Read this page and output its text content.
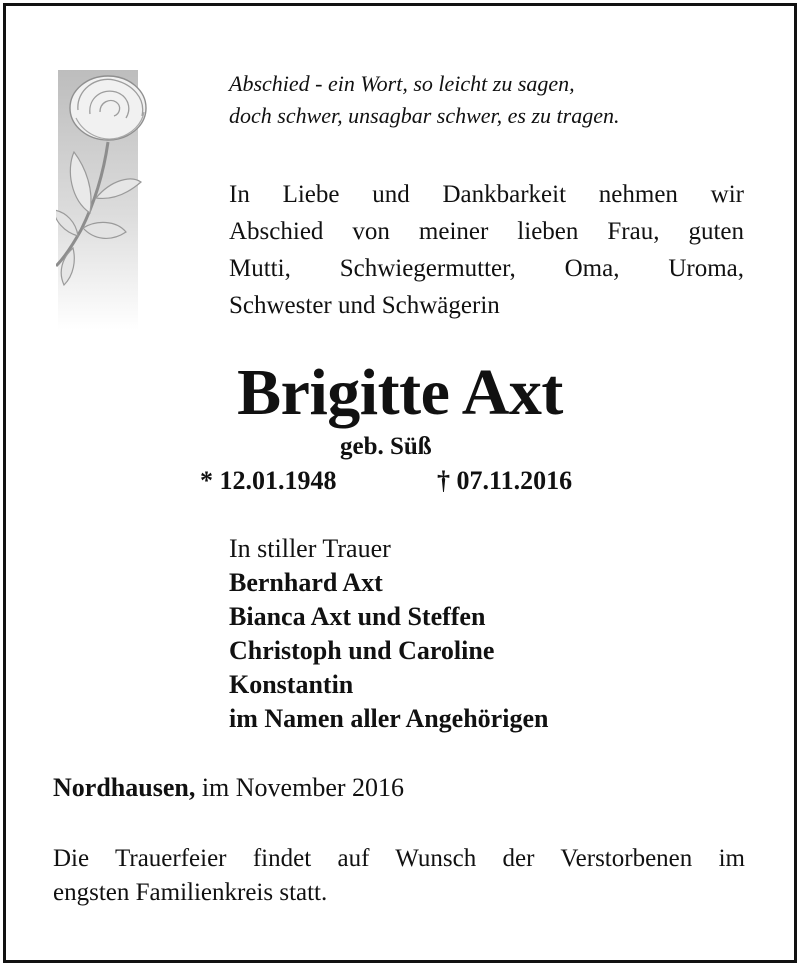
Abschied - ein Wort, so leicht zu sagen,
doch schwer, unsagbar schwer, es zu tragen.
In Liebe und Dankbarkeit nehmen wir
Abschied von meiner lieben Frau, guten
Mutti, Schwiegermutter, Oma, Uroma,
Schwester und Schwägerin
Brigitte Axt
geb. Süß
* 12.01.1948	† 07.11.2016
In stiller Trauer
Bernhard Axt
Bianca Axt und Steffen
Christoph und Caroline
Konstantin
im Namen aller Angehörigen
Nordhausen, im November 2016
Die Trauerfeier findet auf Wunsch der Verstorbenen im
engsten Familienkreis statt.
